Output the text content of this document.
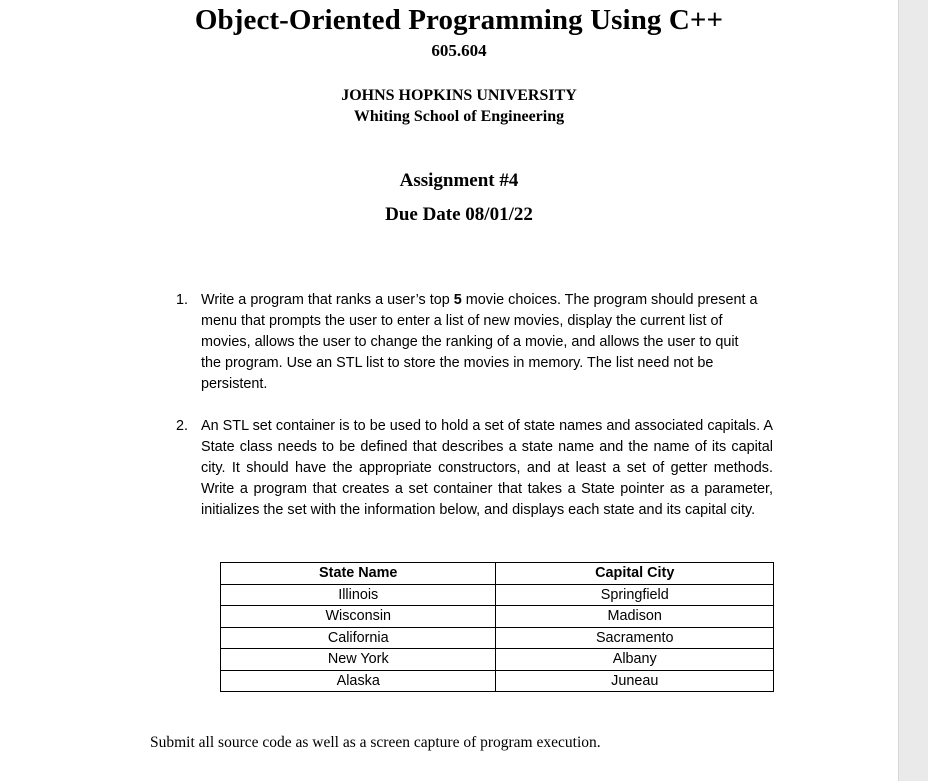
Object-Oriented Programming Using C++
605.604
JOHNS HOPKINS UNIVERSITY
Whiting School of Engineering
Assignment #4
Due Date 08/01/22
1. Write a program that ranks a user’s top 5 movie choices. The program should present a menu that prompts the user to enter a list of new movies, display the current list of movies, allows the user to change the ranking of a movie, and allows the user to quit the program. Use an STL list to store the movies in memory. The list need not be persistent.
2. An STL set container is to be used to hold a set of state names and associated capitals. A State class needs to be defined that describes a state name and the name of its capital city. It should have the appropriate constructors, and at least a set of getter methods. Write a program that creates a set container that takes a State pointer as a parameter, initializes the set with the information below, and displays each state and its capital city.
State Name	Capital City
Illinois	Springfield
Wisconsin	Madison
California	Sacramento
New York	Albany
Alaska	Juneau
Submit all source code as well as a screen capture of program execution.
